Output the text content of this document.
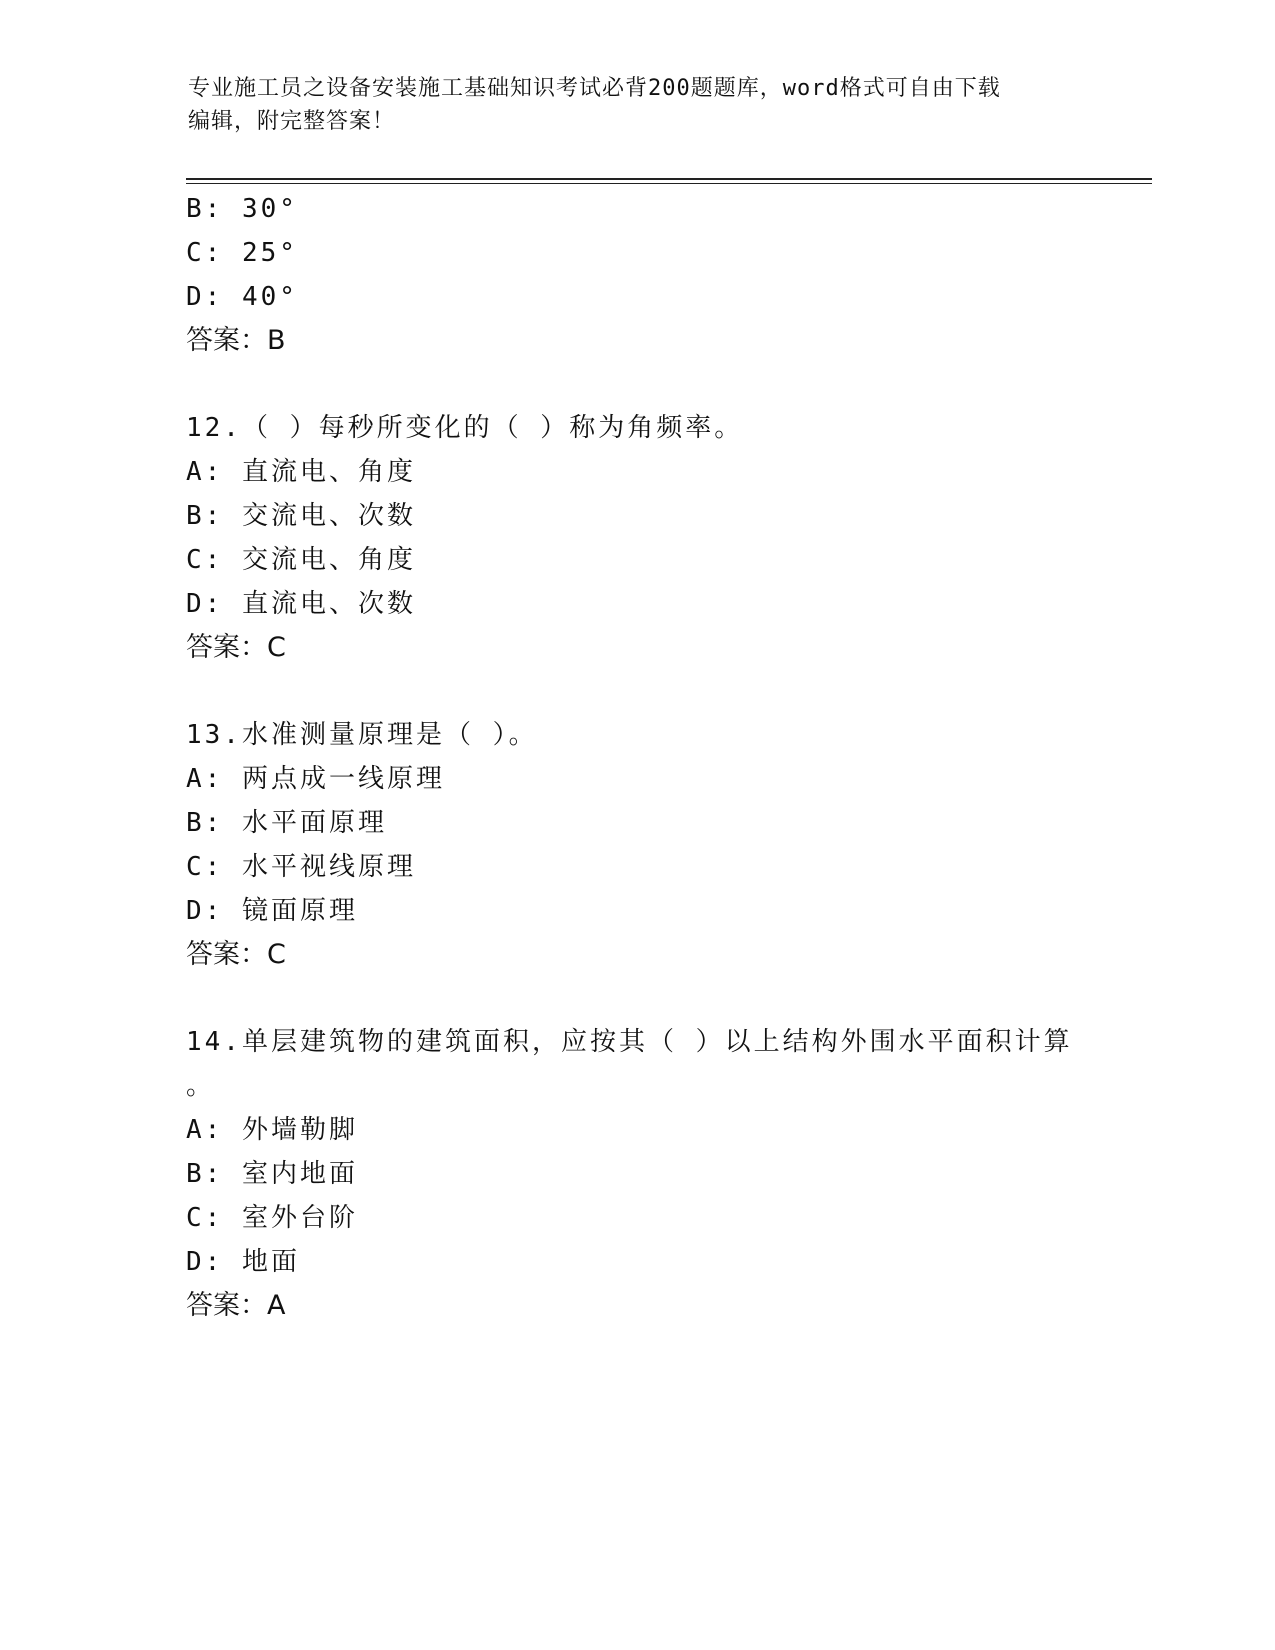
专业施工员之设备安装施工基础知识考试必背200题题库，word格式可自由下载
编辑，附完整答案！
B: 30°
C: 25°
D: 40°
答案：B
12.（ ）每秒所变化的（ ）称为角频率。
A: 直流电、角度
B: 交流电、次数
C: 交流电、角度
D: 直流电、次数
答案：C
13.水准测量原理是（ ）。
A: 两点成一线原理
B: 水平面原理
C: 水平视线原理
D: 镜面原理
答案：C
14.单层建筑物的建筑面积，应按其（ ）以上结构外围水平面积计算
。
A: 外墙勒脚
B: 室内地面
C: 室外台阶
D: 地面
答案：A
